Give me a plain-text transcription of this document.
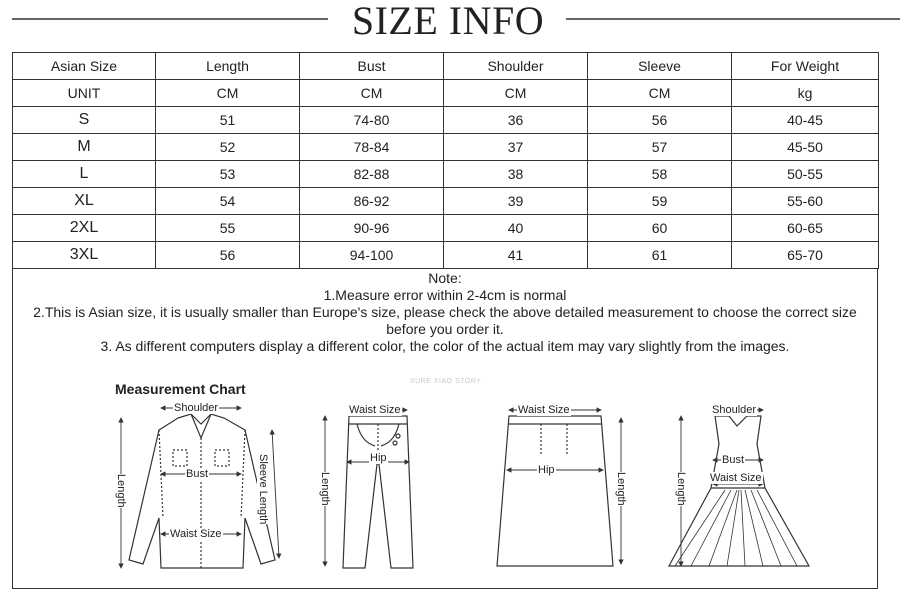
SIZE INFO
Asian Size	Length	Bust	Shoulder	Sleeve	For Weight
UNIT	CM	CM	CM	CM	kg
S	51	74-80	36	56	40-45
M	52	78-84	37	57	45-50
L	53	82-88	38	58	50-55
XL	54	86-92	39	59	55-60
2XL	55	90-96	40	60	60-65
3XL	56	94-100	41	61	65-70
Note:
1.Measure error within 2-4cm is normal
2.This is Asian size, it is usually smaller than Europe's size, please check the above detailed measurement to choose the correct size before you order it.
3. As different computers display a different color, the color of the actual item may vary slightly from the images.
Measurement Chart	SURE XIAO STORY
Shoulder
Bust
Waist Size
Sleeve Length
Length
Waist Size
Hip
Length
Waist Size
Hip
Length
Shoulder
Bust
Waist Size
Length
